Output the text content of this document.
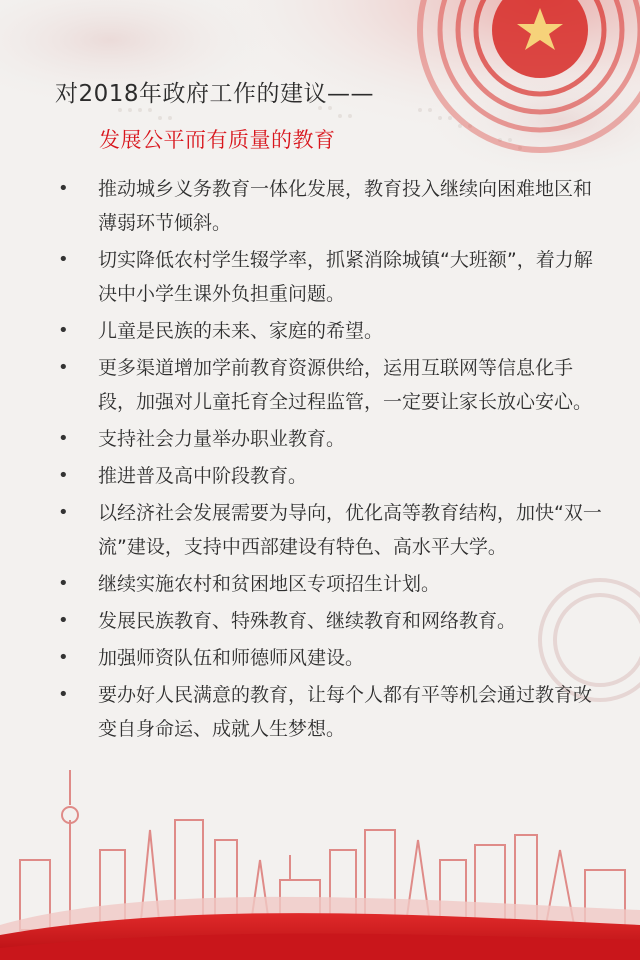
对2018年政府工作的建议——
发展公平而有质量的教育
• 推动城乡义务教育一体化发展，教育投入继续向困难地区和薄弱环节倾斜。
• 切实降低农村学生辍学率，抓紧消除城镇“大班额”，着力解决中小学生课外负担重问题。
• 儿童是民族的未来、家庭的希望。
• 更多渠道增加学前教育资源供给，运用互联网等信息化手段，加强对儿童托育全过程监管，一定要让家长放心安心。
• 支持社会力量举办职业教育。
• 推进普及高中阶段教育。
• 以经济社会发展需要为导向，优化高等教育结构，加快“双一流”建设，支持中西部建设有特色、高水平大学。
• 继续实施农村和贫困地区专项招生计划。
• 发展民族教育、特殊教育、继续教育和网络教育。
• 加强师资队伍和师德师风建设。
• 要办好人民满意的教育，让每个人都有平等机会通过教育改变自身命运、成就人生梦想。
